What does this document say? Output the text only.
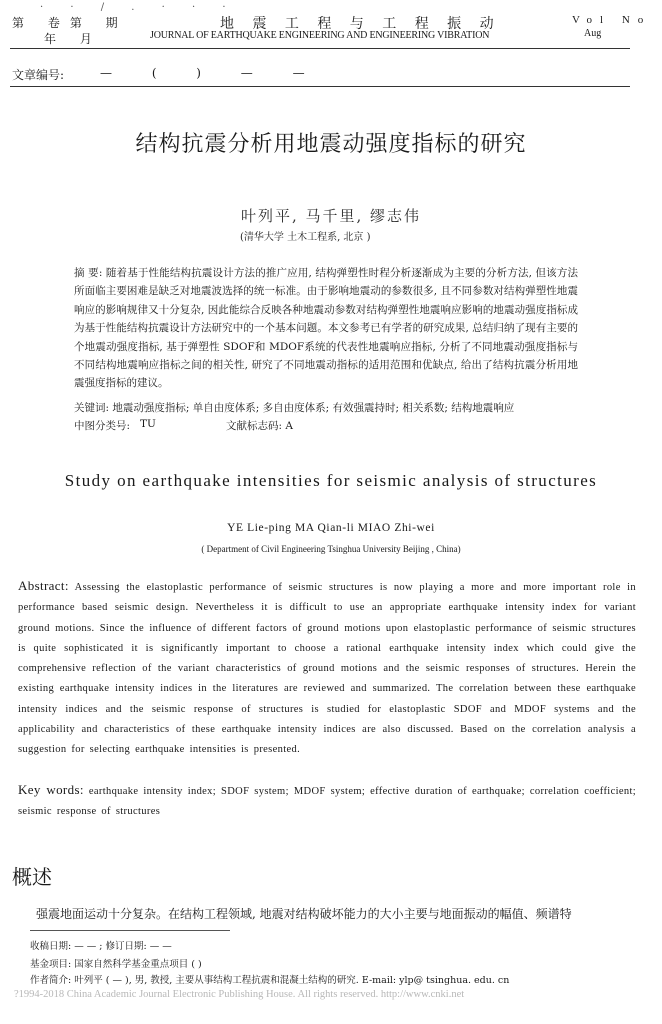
· · / . · · ·
第 卷第 期
年 月
地 震 工 程 与 工 程 振 动
JOURNAL OF EARTHQUAKE ENGINEERING AND ENGINEERING VIBRATION
Vol No
Aug
文章编号:	— ( ) — —
结构抗震分析用地震动强度指标的研究
叶列平, 马千里, 缪志伟
(清华大学 土木工程系, 北京 )
摘 要: 随着基于性能结构抗震设计方法的推广应用, 结构弹塑性时程分析逐渐成为主要的分析方法, 但该方法所面临主要困难是缺乏对地震波选择的统一标准。由于影响地震动的参数很多, 且不同参数对结构弹塑性地震响应的影响规律又十分复杂, 因此能综合反映各种地震动参数对结构弹塑性地震响应影响的地震动强度指标成为基于性能结构抗震设计方法研究中的一个基本问题。本文参考已有学者的研究成果, 总结归纳了现有主要的 个地震动强度指标, 基于弹塑性 SDOF和 MDOF系统的代表性地震响应指标, 分析了不同地震动强度指标与不同结构地震响应指标之间的相关性, 研究了不同地震动指标的适用范围和优缺点, 给出了结构抗震分析用地震强度指标的建议。
关键词: 地震动强度指标; 单自由度体系; 多自由度体系; 有效强震持时; 相关系数; 结构地震响应
中图分类号: TU	文献标志码: A
Study on earthquake intensities for seismic analysis of structures
YE Lie-ping MA Qian-li MIAO Zhi-wei
( Department of Civil Engineering Tsinghua University Beijing , China)
Abstract: Assessing the elastoplastic performance of seismic structures is now playing a more and more important role in performance based seismic design. Nevertheless it is difficult to use an appropriate earthquake intensity index for variant ground motions. Since the influence of different factors of ground motions upon elastoplastic performance of seismic structures is quite sophisticated it is significantly important to choose a rational earthquake intensity index which could give the comprehensive reflection of the variant characteristics of ground motions and the seismic responses of structures. Herein the existing earthquake intensity indices in the literatures are reviewed and summarized. The correlation between these earthquake intensity indices and the seismic response of structures is studied for elastoplastic SDOF and MDOF systems and the applicability and characteristics of these earthquake intensity indices are also discussed. Based on the correlation analysis a suggestion for selecting earthquake intensities is presented.
Key words: earthquake intensity index; SDOF system; MDOF system; effective duration of earthquake; correlation coefficient; seismic response of structures
概述
强震地面运动十分复杂。在结构工程领域, 地震对结构破坏能力的大小主要与地面振动的幅值、频谱特
收稿日期: — — ; 修订日期: — —
基金项目: 国家自然科学基金重点项目 ( )
作者简介: 叶列平 ( — ), 男, 教授, 主要从事结构工程抗震和混凝土结构的研究. E-mail: ylp@ tsinghua. edu. cn
?1994-2018 China Academic Journal Electronic Publishing House. All rights reserved. http://www.cnki.net
